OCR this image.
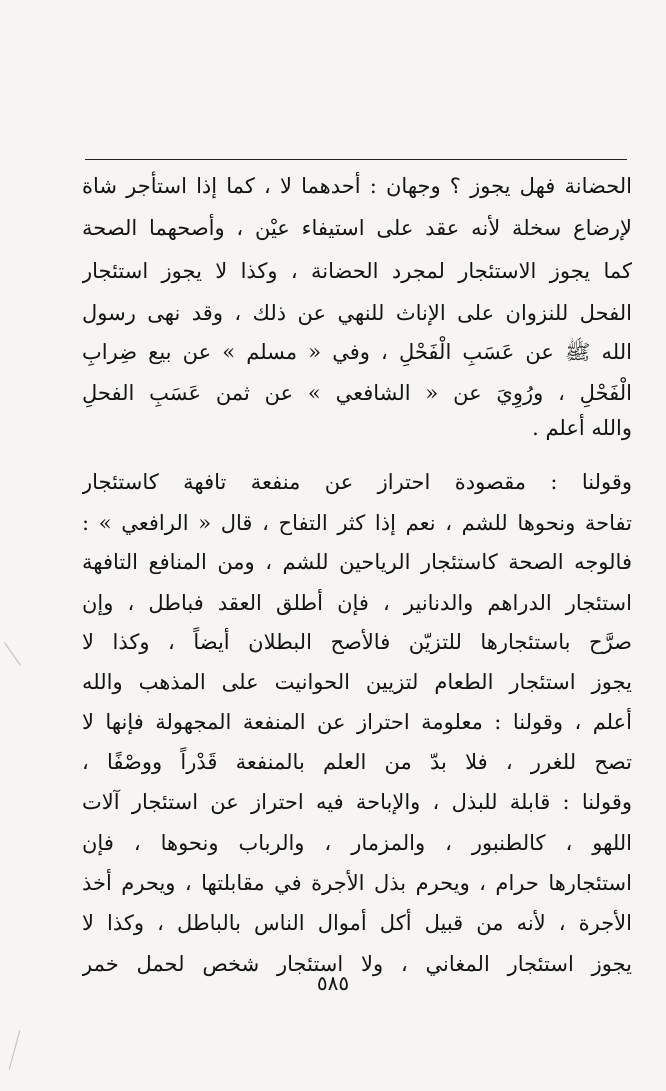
الحضانة فهل يجوز ؟ وجهان : أحدهما لا ، كما إذا استأجر شاة
لإرضاع سخلة لأنه عقد على استيفاء عيْن ، وأصحهما الصحة
كما يجوز الاستئجار لمجرد الحضانة ، وكذا لا يجوز استئجار
الفحل للنزوان على الإناث للنهي عن ذلك ، وقد نهى رسول
الله ﷺ عن عَسَبِ الْفَحْلِ ، وفي « مسلم » عن بيع ضِرابِ
الْفَحْلِ ، ورُوِيَ عن « الشافعي » عن ثمن عَسَبِ الفحلِ
والله أعلم .
وقولنا : مقصودة احتراز عن منفعة تافهة كاستئجار
تفاحة ونحوها للشم ، نعم إذا كثر التفاح ، قال « الرافعي » :
فالوجه الصحة كاستئجار الرياحين للشم ، ومن المنافع التافهة
استئجار الدراهم والدنانير ، فإن أطلق العقد فباطل ، وإن
صرَّح باستئجارها للتزيّن فالأصح البطلان أيضاً ، وكذا لا
يجوز استئجار الطعام لتزيين الحوانيت على المذهب والله
أعلم ، وقولنا : معلومة احتراز عن المنفعة المجهولة فإنها لا
تصح للغرر ، فلا بدّ من العلم بالمنفعة قَدْراً ووصْفًا ،
وقولنا : قابلة للبذل ، والإباحة فيه احتراز عن استئجار آلات
اللهو ، كالطنبور ، والمزمار ، والرباب ونحوها ، فإن
استئجارها حرام ، ويحرم بذل الأجرة في مقابلتها ، ويحرم أخذ
الأجرة ، لأنه من قبيل أكل أموال الناس بالباطل ، وكذا لا
يجوز استئجار المغاني ، ولا استئجار شخص لحمل خمر
٥٨٥
